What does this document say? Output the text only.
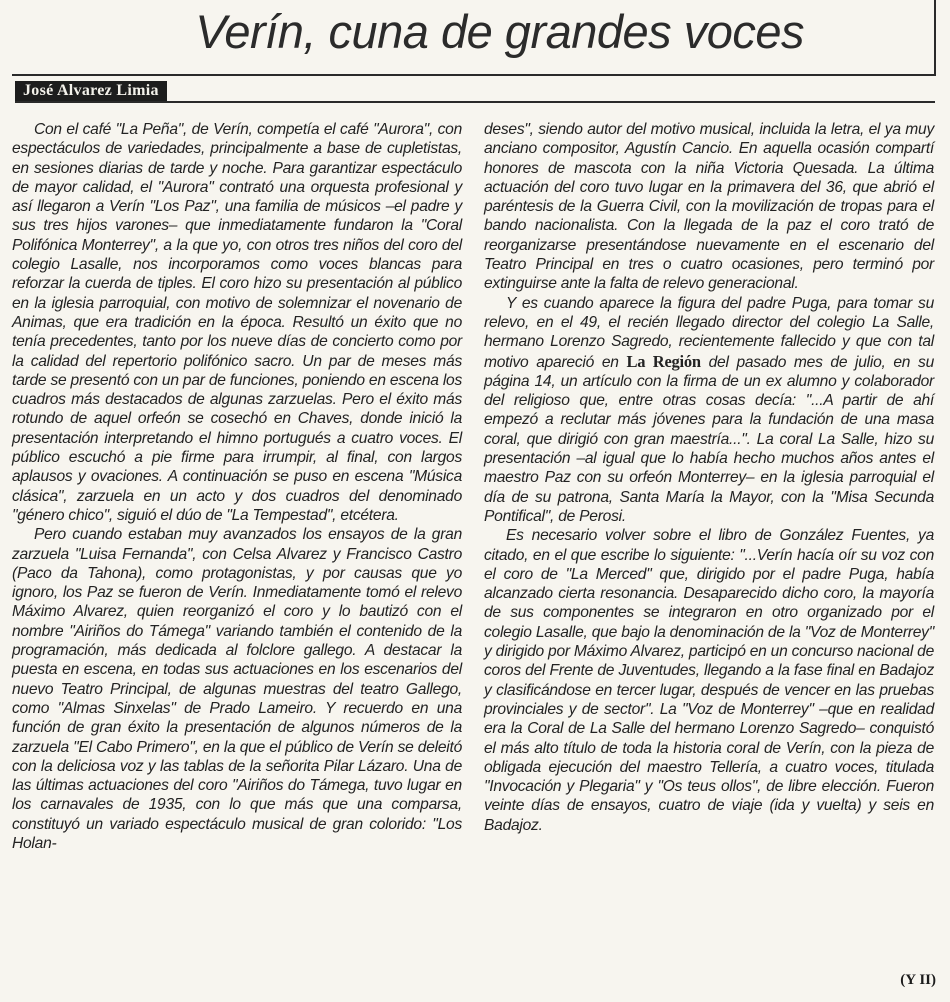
Verín, cuna de grandes voces
José Alvarez Limia

Con el café "La Peña", de Verín, competía el café "Aurora", con espectáculos de variedades, principalmente a base de cupletistas, en sesiones diarias de tarde y noche. Para garantizar espectáculo de mayor calidad, el "Aurora" contrató una orquesta profesional y así llegaron a Verín "Los Paz", una familia de músicos –el padre y sus tres hijos varones– que inmediatamente fundaron la "Coral Polifónica Monterrey", a la que yo, con otros tres niños del coro del colegio Lasalle, nos incorporamos como voces blancas para reforzar la cuerda de tiples. El coro hizo su presentación al público en la iglesia parroquial, con motivo de solemnizar el novenario de Animas, que era tradición en la época. Resultó un éxito que no tenía precedentes, tanto por los nueve días de concierto como por la calidad del repertorio polifónico sacro. Un par de meses más tarde se presentó con un par de funciones, poniendo en escena los cuadros más destacados de algunas zarzuelas. Pero el éxito más rotundo de aquel orfeón se cosechó en Chaves, donde inició la presentación interpretando el himno portugués a cuatro voces. El público escuchó a pie firme para irrumpir, al final, con largos aplausos y ovaciones. A continuación se puso en escena "Música clásica", zarzuela en un acto y dos cuadros del denominado "género chico", siguió el dúo de "La Tempestad", etcétera.

Pero cuando estaban muy avanzados los ensayos de la gran zarzuela "Luisa Fernanda", con Celsa Alvarez y Francisco Castro (Paco da Tahona), como protagonistas, y por causas que yo ignoro, los Paz se fueron de Verín. Inmediatamente tomó el relevo Máximo Alvarez, quien reorganizó el coro y lo bautizó con el nombre "Airiños do Támega" variando también el contenido de la programación, más dedicada al folclore gallego. A destacar la puesta en escena, en todas sus actuaciones en los escenarios del nuevo Teatro Principal, de algunas muestras del teatro Gallego, como "Almas Sinxelas" de Prado Lameiro. Y recuerdo en una función de gran éxito la presentación de algunos números de la zarzuela "El Cabo Primero", en la que el público de Verín se deleitó con la deliciosa voz y las tablas de la señorita Pilar Lázaro. Una de las últimas actuaciones del coro "Airiños do Támega, tuvo lugar en los carnavales de 1935, con lo que más que una comparsa, constituyó un variado espectáculo musical de gran colorido: "Los Holan-

deses", siendo autor del motivo musical, incluida la letra, el ya muy anciano compositor, Agustín Cancio. En aquella ocasión compartí honores de mascota con la niña Victoria Quesada. La última actuación del coro tuvo lugar en la primavera del 36, que abrió el paréntesis de la Guerra Civil, con la movilización de tropas para el bando nacionalista. Con la llegada de la paz el coro trató de reorganizarse presentándose nuevamente en el escenario del Teatro Principal en tres o cuatro ocasiones, pero terminó por extinguirse ante la falta de relevo generacional.

Y es cuando aparece la figura del padre Puga, para tomar su relevo, en el 49, el recién llegado director del colegio La Salle, hermano Lorenzo Sagredo, recientemente fallecido y que con tal motivo apareció en La Región del pasado mes de julio, en su página 14, un artículo con la firma de un ex alumno y colaborador del religioso que, entre otras cosas decía: "...A partir de ahí empezó a reclutar más jóvenes para la fundación de una masa coral, que dirigió con gran maestría...". La coral La Salle, hizo su presentación –al igual que lo había hecho muchos años antes el maestro Paz con su orfeón Monterrey– en la iglesia parroquial el día de su patrona, Santa María la Mayor, con la "Misa Secunda Pontifical", de Perosi.

Es necesario volver sobre el libro de González Fuentes, ya citado, en el que escribe lo siguiente: "...Verín hacía oír su voz con el coro de "La Merced" que, dirigido por el padre Puga, había alcanzado cierta resonancia. Desaparecido dicho coro, la mayoría de sus componentes se integraron en otro organizado por el colegio Lasalle, que bajo la denominación de la "Voz de Monterrey" y dirigido por Máximo Alvarez, participó en un concurso nacional de coros del Frente de Juventudes, llegando a la fase final en Badajoz y clasificándose en tercer lugar, después de vencer en las pruebas provinciales y de sector". La "Voz de Monterrey" –que en realidad era la Coral de La Salle del hermano Lorenzo Sagredo– conquistó el más alto título de toda la historia coral de Verín, con la pieza de obligada ejecución del maestro Tellería, a cuatro voces, titulada "Invocación y Plegaria" y "Os teus ollos", de libre elección. Fueron veinte días de ensayos, cuatro de viaje (ida y vuelta) y seis en Badajoz.

(Y II)
